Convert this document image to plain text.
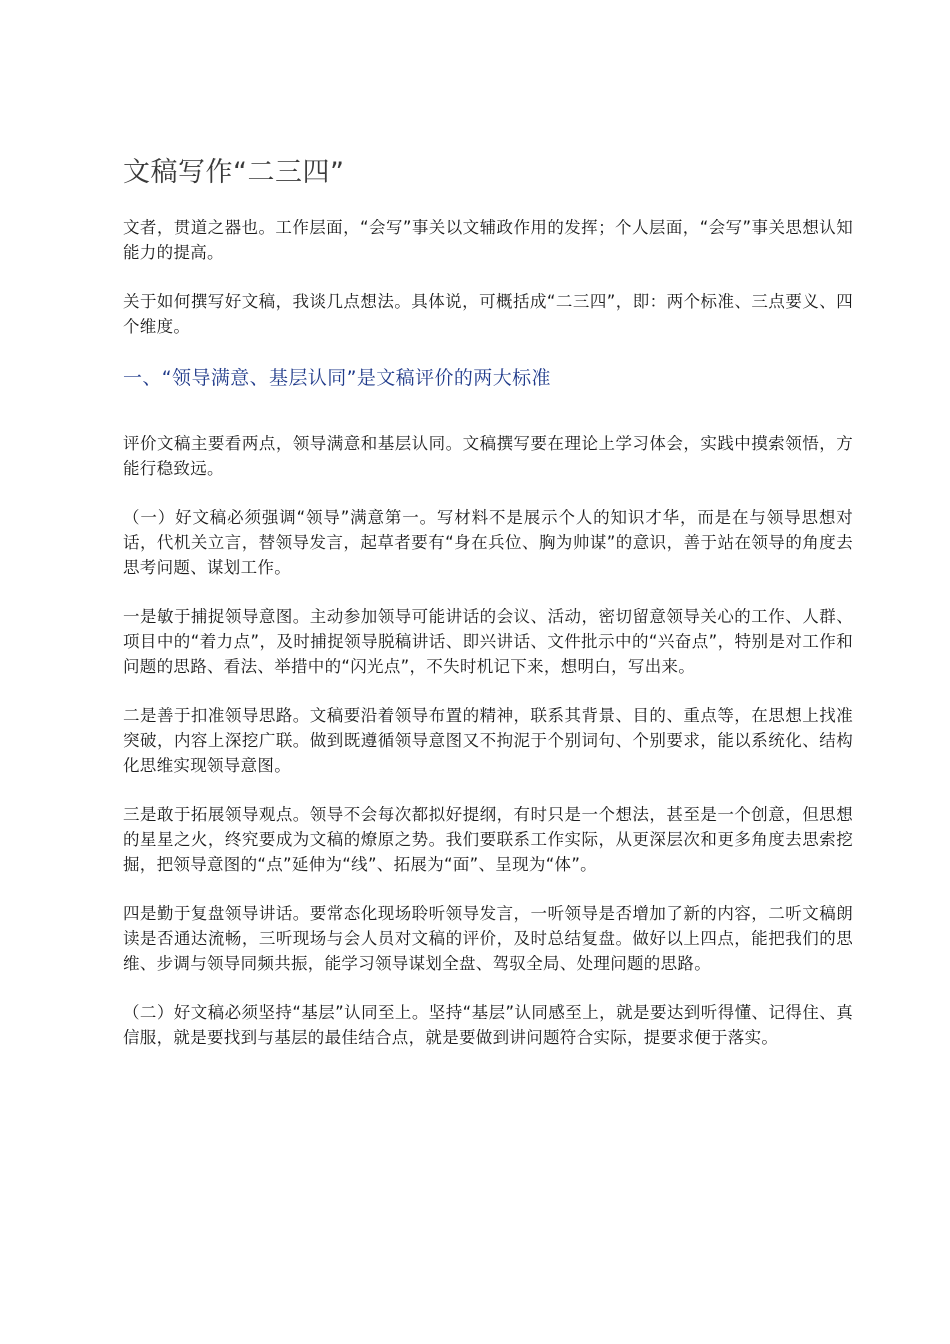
文稿写作“二三四”

文者，贯道之器也。工作层面，“会写”事关以文辅政作用的发挥；个人层面，“会写”事关思想认知能力的提高。

关于如何撰写好文稿，我谈几点想法。具体说，可概括成“二三四”，即：两个标准、三点要义、四个维度。

一、“领导满意、基层认同”是文稿评价的两大标准

评价文稿主要看两点，领导满意和基层认同。文稿撰写要在理论上学习体会，实践中摸索领悟，方能行稳致远。

（一）好文稿必须强调“领导”满意第一。写材料不是展示个人的知识才华，而是在与领导思想对话，代机关立言，替领导发言，起草者要有“身在兵位、胸为帅谋”的意识，善于站在领导的角度去思考问题、谋划工作。

一是敏于捕捉领导意图。主动参加领导可能讲话的会议、活动，密切留意领导关心的工作、人群、项目中的“着力点”，及时捕捉领导脱稿讲话、即兴讲话、文件批示中的“兴奋点”，特别是对工作和问题的思路、看法、举措中的“闪光点”，不失时机记下来，想明白，写出来。

二是善于扣准领导思路。文稿要沿着领导布置的精神，联系其背景、目的、重点等，在思想上找准突破，内容上深挖广联。做到既遵循领导意图又不拘泥于个别词句、个别要求，能以系统化、结构化思维实现领导意图。

三是敢于拓展领导观点。领导不会每次都拟好提纲，有时只是一个想法，甚至是一个创意，但思想的星星之火，终究要成为文稿的燎原之势。我们要联系工作实际，从更深层次和更多角度去思索挖掘，把领导意图的“点”延伸为“线”、拓展为“面”、呈现为“体”。

四是勤于复盘领导讲话。要常态化现场聆听领导发言，一听领导是否增加了新的内容，二听文稿朗读是否通达流畅，三听现场与会人员对文稿的评价，及时总结复盘。做好以上四点，能把我们的思维、步调与领导同频共振，能学习领导谋划全盘、驾驭全局、处理问题的思路。

（二）好文稿必须坚持“基层”认同至上。坚持“基层”认同感至上，就是要达到听得懂、记得住、真信服，就是要找到与基层的最佳结合点，就是要做到讲问题符合实际，提要求便于落实。
